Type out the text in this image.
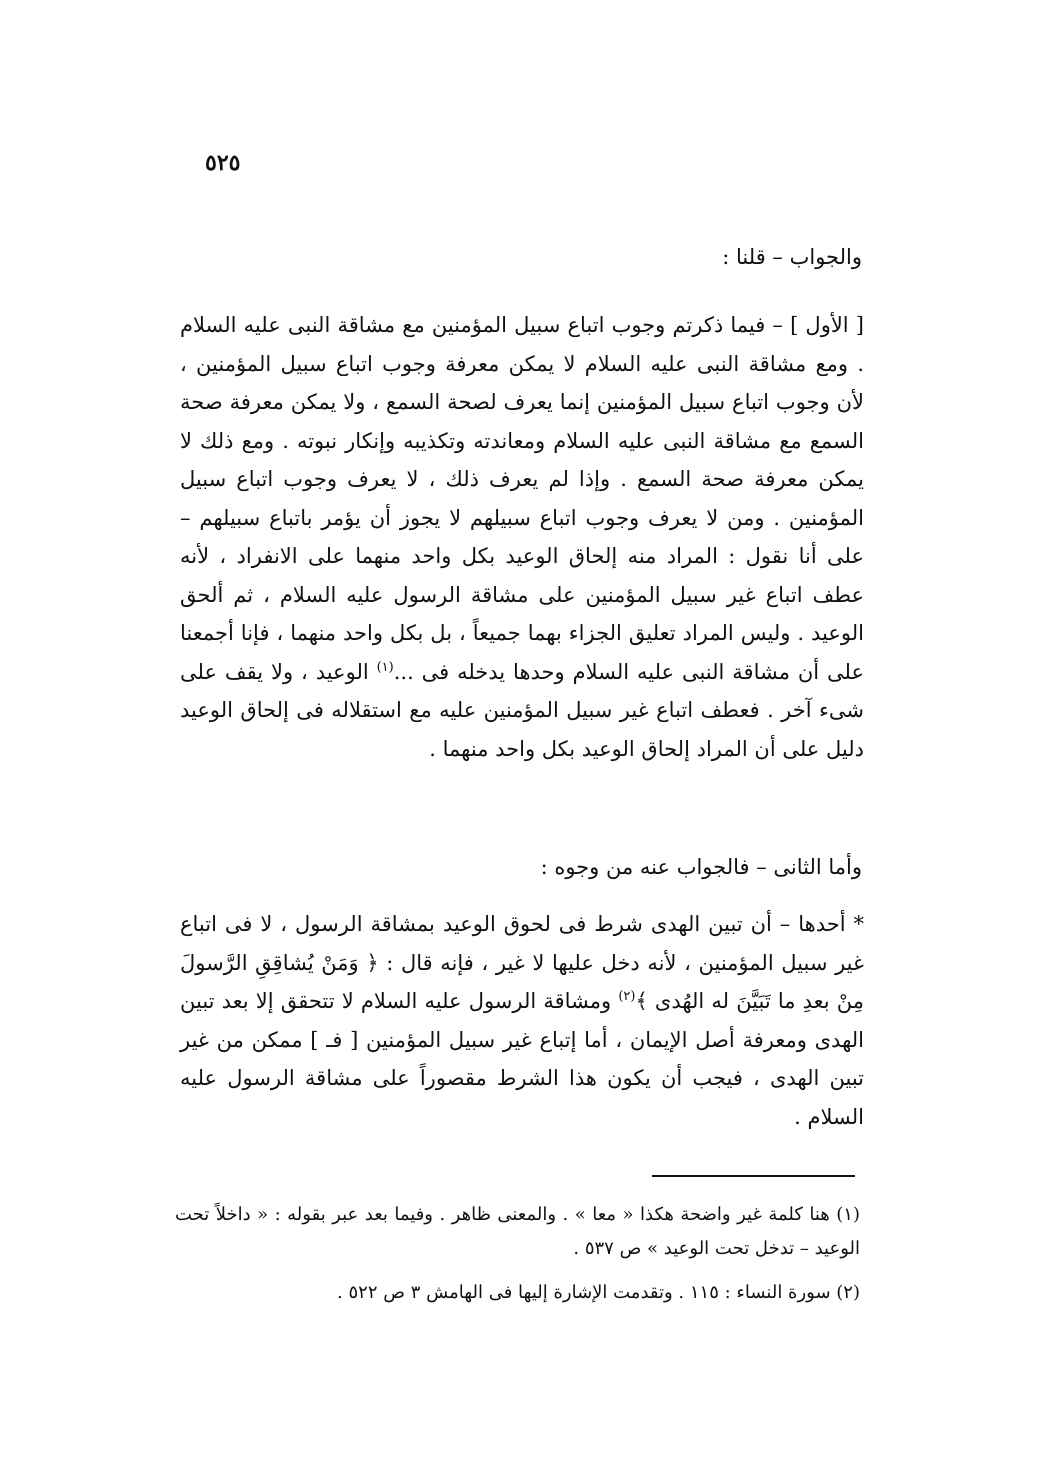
٥٢٥
والجواب – قلنا :

[ الأول ] – فيما ذكرتم وجوب اتباع سبيل المؤمنين مع مشاقة النبى عليه السلام . ومع مشاقة النبى عليه السلام لا يمكن معرفة وجوب اتباع سبيل المؤمنين ، لأن وجوب اتباع سبيل المؤمنين إنما يعرف لصحة السمع ، ولا يمكن معرفة صحة السمع مع مشاقة النبى عليه السلام ومعاندته وتكذيبه وإنكار نبوته . ومع ذلك لا يمكن معرفة صحة السمع . وإذا لم يعرف ذلك ، لا يعرف وجوب اتباع سبيل المؤمنين . ومن لا يعرف وجوب اتباع سبيلهم لا يجوز أن يؤمر باتباع سبيلهم – على أنا نقول : المراد منه إلحاق الوعيد بكل واحد منهما على الانفراد ، لأنه عطف اتباع غير سبيل المؤمنين على مشاقة الرسول عليه السلام ، ثم ألحق الوعيد . وليس المراد تعليق الجزاء بهما جميعاً ، بل بكل واحد منهما ، فإنا أجمعنا على أن مشاقة النبى عليه السلام وحدها يدخله فى ...$^{(١)}$ الوعيد ، ولا يقف على شىء آخر . فعطف اتباع غير سبيل المؤمنين عليه مع استقلاله فى إلحاق الوعيد دليل على أن المراد إلحاق الوعيد بكل واحد منهما .

وأما الثانى – فالجواب عنه من وجوه :

* أحدها – أن تبين الهدى شرط فى لحوق الوعيد بمشاقة الرسول ، لا فى اتباع غير سبيل المؤمنين ، لأنه دخل عليها لا غير ، فإنه قال : ﴿ وَمَنْ يُشاقِقِ الرَّسولَ مِنْ بعدِ ما تَبَيَّنَ له الهُدى ﴾$^{(٢)}$ ومشاقة الرسول عليه السلام لا تتحقق إلا بعد تبين الهدى ومعرفة أصل الإيمان ، أما إتباع غير سبيل المؤمنين [ فـ ] ممكن من غير تبين الهدى ، فيجب أن يكون هذا الشرط مقصوراً على مشاقة الرسول عليه السلام .

(١) هنا كلمة غير واضحة هكذا « معا » . والمعنى ظاهر . وفيما بعد عبر بقوله : « داخلاً تحت الوعيد – تدخل تحت الوعيد » ص ٥٣٧ .

(٢) سورة النساء : ١١٥ . وتقدمت الإشارة إليها فى الهامش ٣ ص ٥٢٢ .
